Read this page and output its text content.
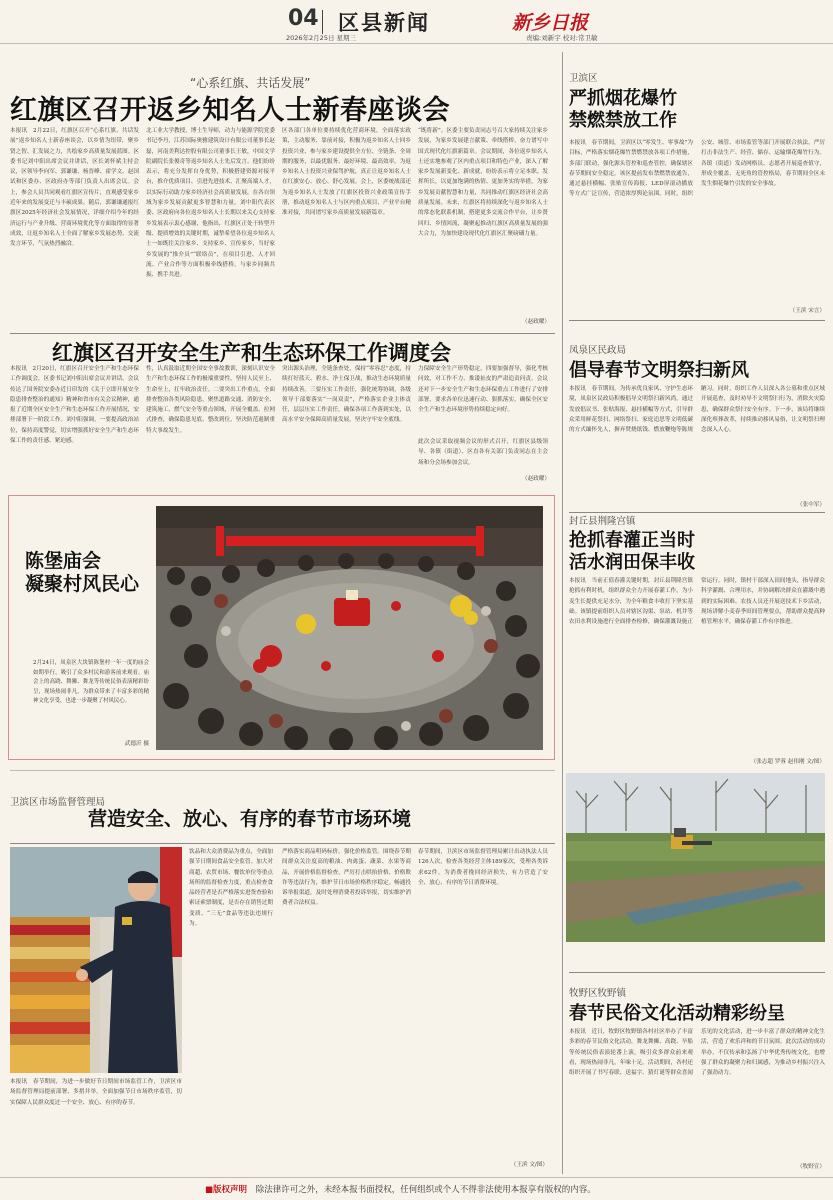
04 区县新闻
2026年2月25日 星期三
新乡日报
责编:刘新宇 校对:常卫敏
“心系红旗、共话发展”
红旗区召开返乡知名人士新春座谈会
本报讯　2月22日，红旗区召开“心系红旗、共话发展”返乡知名人士新春座谈会，以乡情为纽带，聚乡贤之智、汇发展之力，共绘家乡高质量发展蓝图。区委书记刘中阳出席会议并讲话，区长刘怀斌主持会议，区领导李向军、郭谦谦、杨晋峰、霍学文、赵国试和区委办、区政府办等部门负责人出席会议。会上，参会人员共同观看红旗区宣传片，直观感受家乡近年来的发展变迁与丰硕成果。随后，郭谦谦通报红旗区2025年经济社会发展情况，详细介绍今年的经济运行与产业升级、营商环境优化等方面取得的显著成效，让返乡知名人士全面了解家乡发展态势。交流发言环节，气氛热烈融洽。
北工业大学教授，博士生导师，动力与能源学院党委书记李丹，江苏国际奥雅建筑设计有限公司董事长赵磊，河南美利达控股有限公司董事长王敏，中国文学院副院长张俊奇等返乡知名人士先后发言。他们纷纷表示，将充分发挥自身优势，积极搭建资源对接平台，推介优质项目、引进先进技术、汇聚高端人才，以实际行动助力家乡经济社会高质量发展，在各自领域为家乡发展贡献更多智慧和力量。刘中阳代表区委、区政府向各位返乡知名人士长期以来关心支持家乡发展表示衷心感谢，他指出，红旗区正处于转型升级、提质增效的关键时期，诚挚希望各位返乡知名人士一如既往关注家乡、支持家乡、宣传家乡，当好家乡发展的“推介员”“联络员”，在项目引进、人才回流、产业合作等方面积极牵线搭桥，与家乡同频共振、携手共进。
区各部门各单位要持续优化营商环境，全面落实政策，主动服务、靠前对接，积极为返乡知名人士回乡投资兴业、参与家乡建设提供全方位、全链条、全周期的服务，以最优服务、最好环境、最高效率，为返乡知名人士投资兴业保驾护航，真正让返乡知名人士在红旗安心、放心、舒心发展。会上，区委统战部还为返乡知名人士发放了红旗区投资兴业政策宣传手册，推动返乡知名人士与区内重点项目、产业平台精准对接，共同谱写家乡高质量发展新篇章。
“既将新”。区委主要负责同志号召大家持续关注家乡发展，为家乡发展建言献策、牵线搭桥，奋力谱写中国式现代化红旗新篇章。会议期间，各位返乡知名人士还实地参观了区内重点项目和特色产业，深入了解家乡发展新变化、新成就，纷纷表示将立足本职、发挥所长，以更加饱满的热情、更加务实的举措，为家乡发展贡献智慧和力量，共同推动红旗区经济社会高质量发展。未来，红旗区将持续深化与返乡知名人士的常态化联系机制，搭建更多交流合作平台，让乡贤回归、乡情回流，凝聚起推动红旗区高质量发展的强大合力，为加快建设现代化红旗区汇聚磅礴力量。
（赵政曜）
红旗区召开安全生产和生态环保工作调度会
本报讯　2月20日，红旗区召开安全生产和生态环保工作调度会，区委书记刘中阳出席会议并讲话。会议传达了国务院安委办近日印发的《关于立即开展安全隐患排查整治的通知》精神和省市有关会议精神，通报了近期全区安全生产和生态环保工作开展情况，安排部署下一阶段工作。刘中阳强调，一要提高政治站位，保持高度警觉，切实增强抓好安全生产和生态环保工作的责任感、紧迫感。
性，认真汲取近期全国安全事故教训，深刻认识安全生产和生态环保工作的极端重要性，坚持人民至上、生命至上，扛牢政治责任。二要突出工作重点，全面排查整治各类风险隐患，聚焦道路交通、消防安全、建筑施工、燃气安全等重点领域，开展全覆盖、拉网式排查，确保隐患见底、整改到位，坚决防范遏制重特大事故发生。
突出源头治理，全链条查处，保持“零容忍”态度，持续打好蓝天、碧水、净土保卫战，推动生态环境质量持续改善。三要压实工作责任，强化统筹协调，各级领导干部要落实“一岗双责”，严格落实企业主体责任，层层压实工作责任，确保各项工作落到实处，以高水平安全保障高质量发展，坚决守牢安全底线。
力保障安全生产形势稳定。四要加强督导，强化考核问效，对工作不力、推诿扯皮的严肃追责问责。会议还对下一步安全生产和生态环保重点工作进行了安排部署，要求各单位迅速行动、狠抓落实，确保全区安全生产和生态环境形势持续稳定向好。
此次会议采取视频会议的形式召开，红旗区县级领导、各镇（街道）、区直各有关部门负责同志在主会场和分会场参加会议。
（赵政曜）
陈堡庙会
凝聚村风民心
2月24日，凤泉区大块镇陈堡村一年一度的庙会如期举行，吸引了众多村民和游客前来观看。庙会上的高跷、舞狮、舞龙等传统民俗表演精彩纷呈，现场热闹非凡，为群众带来了丰富多彩的精神文化享受，也进一步凝聚了村风民心。
武德沂 摄
卫滨区市场监督管理局
营造安全、放心、有序的春节市场环境
本报讯　春节期间，为进一步做好节日期间市场监管工作，卫滨区市场监督管理局提前部署、多措并举，全面加强节日市场秩序监管，切实保障人民群众度过一个安全、放心、有序的春节。
饮品和大众消费品为重点，全面加强节日期间食品安全监管。加大对商超、农贸市场、餐饮单位等重点场所的监督检查力度，重点检查食品经营者是否严格落实进货查验和索证索票制度，是否存在销售过期变质、“三无”食品等违法违规行为。
严格落实商品明码标价，强化价格监管。围绕春节期间群众关注度高的粮油、肉禽蛋、蔬菜、水果等商品，开展价格监督检查，严厉打击哄抬价格、价格欺诈等违法行为，维护节日市场价格秩序稳定。畅通投诉举报渠道，及时处理消费者投诉举报，切实维护消费者合法权益。
春节期间，卫滨区市场监督管理局累计出动执法人员126人次，检查各类经营主体189家次，受理各类诉求62件，为消费者挽回经济损失，有力营造了安全、放心、有序的节日消费环境。
（王滨 文/图）
卫滨区
严抓烟花爆竹
禁燃禁放工作
本报讯　春节期间，卫滨区以“零发生、零事故”为目标，严格落实烟花爆竹禁燃禁放各项工作措施，多部门联动，强化源头管控和巡查管控，确保辖区春节期间安全稳定。该区提前发布禁燃禁放通告，通过悬挂横幅、张贴宣传海报、LED屏滚动播放等方式广泛宣传，营造浓厚舆论氛围。同时，组织公安、城管、市场监管等部门开展联合执法，严厉打击非法生产、经营、储存、运输烟花爆竹行为。各镇（街道）发动网格员、志愿者开展巡查值守，形成全覆盖、无死角的管控格局，春节期间全区未发生烟花爆竹引发的安全事故。
（王滨 宋言）
凤泉区民政局
倡导春节文明祭扫新风
本报讯　春节期间，为传承优良家风、守护生态环境，凤泉区民政局积极倡导文明祭扫新风尚，通过发放倡议书、张贴海报、悬挂横幅等方式，引导群众采用鲜花祭扫、网络祭扫、家庭追思等文明低碳的方式缅怀先人，摒弃焚烧纸钱、燃放鞭炮等陈规陋习。同时，组织工作人员深入各公墓和重点区域开展巡查，及时劝导不文明祭扫行为，消除火灾隐患，确保群众祭扫安全有序。下一步，该局将继续深化殡葬改革，持续推动移风易俗，让文明祭扫理念深入人心。
（张中军）
封丘县荆隆宫镇
抢抓春灌正当时
活水润田保丰收
本报讯　当前正值春灌关键时期，封丘县荆隆宫镇抢抓有利时机，组织群众全力开展春灌工作，为小麦生长提供充足水分，为全年粮食丰收打下坚实基础。该镇提前组织人员对辖区沟渠、泵站、机井等农田水利设施进行全面排查检修，确保灌溉设施正常运行。同时，镇村干部深入田间地头，指导群众科学灌溉、合理用水，并协调解决群众在灌溉中遇到的实际困难。农技人员还开展送技术下乡活动，现场讲解小麦春季田间管理要点，帮助群众提高种植管理水平，确保春灌工作有序推进。
（张志超 罗蓉 赵伟刚 文/图）
牧野区牧野镇
春节民俗文化活动精彩纷呈
本报讯　近日，牧野区牧野镇各村社区举办了丰富多彩的春节民俗文化活动，舞龙舞狮、高跷、旱船等传统民俗表演轮番上演，吸引众多群众前来观看，现场热闹非凡，年味十足。活动期间，各村还组织开展了书写春联、送福字、猜灯谜等群众喜闻乐见的文化活动，进一步丰富了群众的精神文化生活，营造了欢乐祥和的节日氛围。此次活动的成功举办，不仅传承和弘扬了中华优秀传统文化，也增强了群众的凝聚力和归属感，为推动乡村振兴注入了强劲动力。
（牧野宣）
■版权声明 除法律许可之外，未经本报书面授权，任何组织或个人不得非法使用本报享有版权的内容。
